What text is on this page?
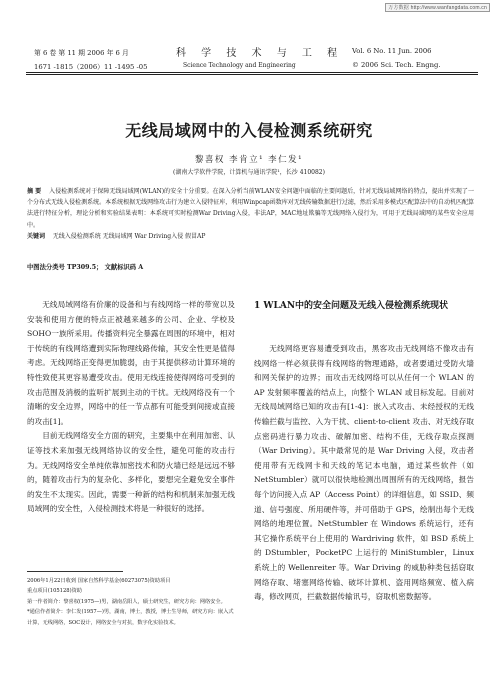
万方数据 http://www.wanfangdata.com.cn
第 6 卷 第 11 期 2006 年 6 月
1671 -1815（2006）11 -1495 -05
科 学 技 术 与 工 程
Science Technology and Engineering
Vol. 6 No. 11 Jun. 2006
© 2006 Sci. Tech. Engng.
无线局域网中的入侵检测系统研究
黎喜权 李肯立¹ 李仁发¹
(湖南大学软件学院，计算机与通讯学院¹，长沙 410082)
摘 要 入侵检测系统对于保障无线局域网(WLAN)的安全十分重要。在深入分析当前WLAN安全问题中面临的主要问题后，针对无线局域网络的特点，提出并实现了一个分布式无线入侵检测系统。本系统根据无线网络攻击行为建立入侵特征库，利用Winpcap函数库对无线传输数据进行过滤，然后采用多模式匹配算法中的自动机匹配算法进行特征分析，理论分析和实验结果表明：本系统可实时检测War Driving入侵，非法AP，MAC地址欺骗等无线网络入侵行为，可用于无线局域网的某些安全应用中。
关键词 无线入侵检测系统 无线局域网 War Driving入侵 假冒AP
中图法分类号 TP309.5； 文献标识码 A

无线局域网络有价廉的设备和与有线网络一样的带宽以及安装和使用方便的特点正被越来越多的公司、企业、学校及SOHO一族所采用。传播资料完全暴露在周围的环境中，相对于传统的有线网络遭到实际物理线路传输，其安全性更是值得考虑。无线网络正变得更加脆弱，由于其提供移动计算环境的特性致使其更容易遭受攻击。使用无线连接使得网络可受到的攻击范围及消极的监听扩展到主动的干扰。无线网络没有一个清晰的安全边界，网络中的任一节点都有可能受到间接或直接的攻击[1]。

目前无线网络安全方面的研究，主要集中在利用加密、认证等技术来加强无线网络协议的安全性，避免可能的攻击行为。无线网络安全单纯依靠加密技术和防火墙已经是远远不够的，随着攻击行为的复杂化、多样化，要想完全避免安全事件的发生不太现实。因此，需要一种新的结构和机制来加强无线局域网的安全性，入侵检测技术将是一种很好的选择。

2006年1月22日收到 国家自然科学基金(60273075)资助项目
重点项目(105128)资助
第一作者简介：黎喜权(1975—)男，湖南岳阳人，硕士研究生，研究方向：网络安全。
*通信作者简介：李仁发(1957—)男，湖南，博士，教授，博士生导师，研究方向：嵌入式计算，无线网络，SOC设计，网络安全与对抗，数字化实验技术。
1 WLAN中的安全问题及无线入侵检测系统现状

无线网络更容易遭受到攻击，黑客攻击无线网络不像攻击有线网络一样必须获得有线网络的物理通路，或者要通过受防火墙和网关保护的边界；而攻击无线网络可以从任何一个 WLAN 的 AP 发射频率覆盖的结点上，向整个 WLAN 或目标发起。目前对无线局域网络已知的攻击有[1-4]：嵌入式攻击、未经授权的无线传输拦截与监控、入为干扰、client-to-client 攻击、对无线存取点密码进行暴力攻击、破解加密、结构不佳，无线存取点探测（War Driving）。其中最常见的是 War Driving 入侵，攻击者使用带有无线网卡和天线的笔记本电脑，通过某些软件（如 NetStumbler）就可以很快地检测出周围所有的无线网络，报告每个访问接入点 AP（Access Point）的详细信息，如 SSID、频道、信号强度、所用硬件等，并可借助于 GPS，绘制出每个无线网络的地理位置。NetStumbler 在 Windows 系统运行，还有其它操作系统平台上使用的 Wardriving 软件，如 BSD 系统上的 DStumbler，PocketPC 上运行的 MiniStumbler，Linux 系统上的 Wellenreiter 等。War Driving 的威胁种类包括窃取网络存取、堵塞网络传输、破坏计算机、盗用网络频宽、植入病毒，修改网页，拦截数据传输讯号，窃取机密数据等。
